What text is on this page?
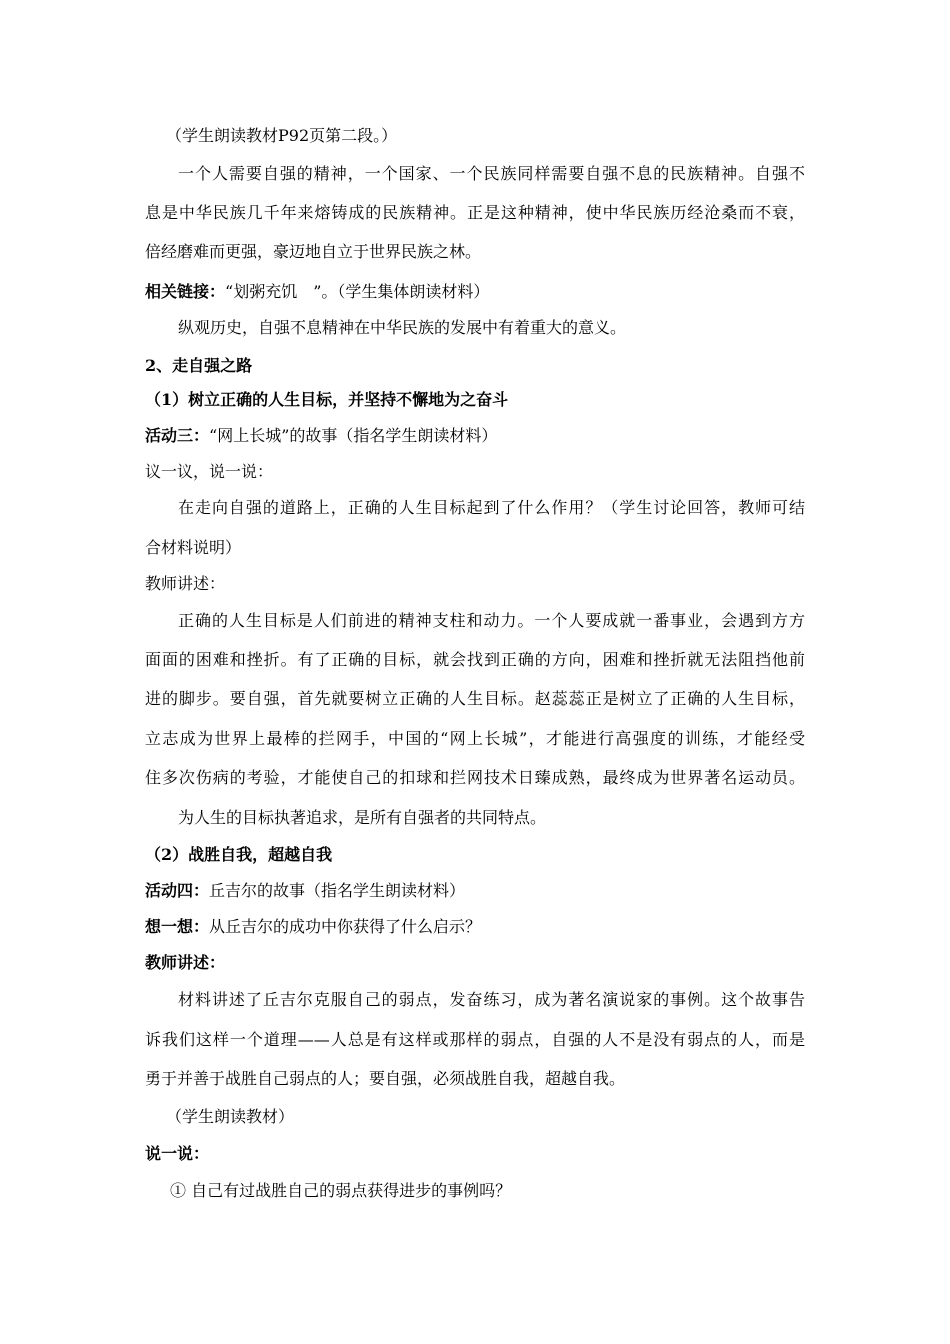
（学生朗读教材P92页第二段。）
一个人需要自强的精神，一个国家、一个民族同样需要自强不息的民族精神。自强不
息是中华民族几千年来熔铸成的民族精神。正是这种精神，使中华民族历经沧桑而不衰，
倍经磨难而更强，豪迈地自立于世界民族之林。
相关链接：“划粥充饥　”。（学生集体朗读材料）
纵观历史，自强不息精神在中华民族的发展中有着重大的意义。
2、走自强之路
（1）树立正确的人生目标，并坚持不懈地为之奋斗
活动三：“网上长城”的故事（指名学生朗读材料）
议一议，说一说：
在走向自强的道路上，正确的人生目标起到了什么作用？（学生讨论回答，教师可结
合材料说明）
教师讲述：
正确的人生目标是人们前进的精神支柱和动力。一个人要成就一番事业，会遇到方方
面面的困难和挫折。有了正确的目标，就会找到正确的方向，困难和挫折就无法阻挡他前
进的脚步。要自强，首先就要树立正确的人生目标。赵蕊蕊正是树立了正确的人生目标，
立志成为世界上最棒的拦网手，中国的“网上长城”，才能进行高强度的训练，才能经受
住多次伤病的考验，才能使自己的扣球和拦网技术日臻成熟，最终成为世界著名运动员。
为人生的目标执著追求，是所有自强者的共同特点。
（2）战胜自我，超越自我
活动四：丘吉尔的故事（指名学生朗读材料）
想一想：从丘吉尔的成功中你获得了什么启示？
教师讲述：
材料讲述了丘吉尔克服自己的弱点，发奋练习，成为著名演说家的事例。这个故事告
诉我们这样一个道理——人总是有这样或那样的弱点，自强的人不是没有弱点的人，而是
勇于并善于战胜自己弱点的人；要自强，必须战胜自我，超越自我。
（学生朗读教材）
说一说：
① 自己有过战胜自己的弱点获得进步的事例吗？
